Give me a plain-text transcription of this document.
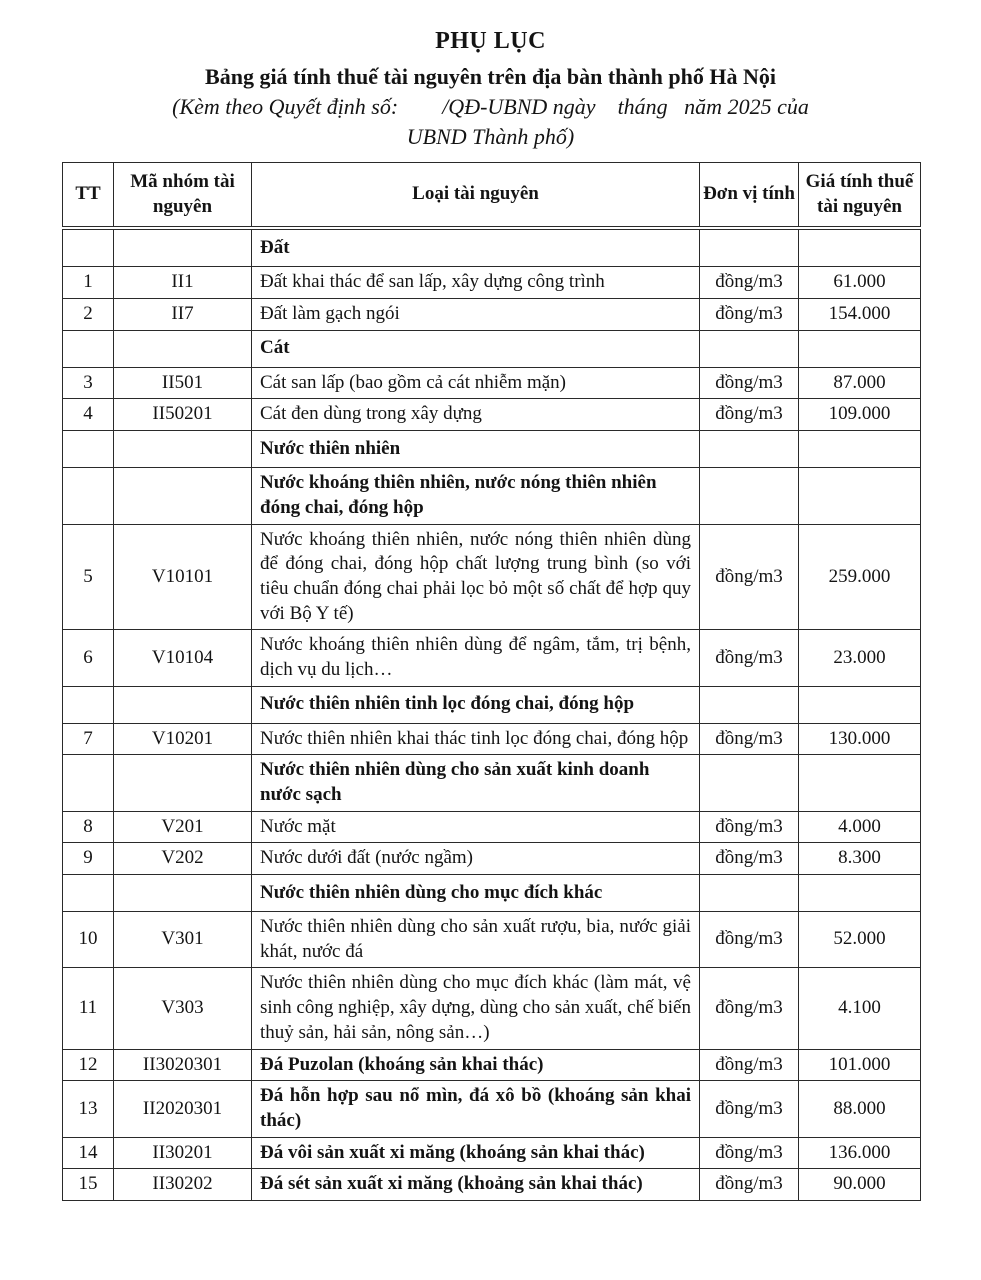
PHỤ LỤC
Bảng giá tính thuế tài nguyên trên địa bàn thành phố Hà Nội
(Kèm theo Quyết định số:        /QĐ-UBND ngày    tháng   năm 2025 của
UBND Thành phố)
TT	Mã nhóm tài nguyên	Loại tài nguyên	Đơn vị tính	Giá tính thuế tài nguyên
		Đất		
1	II1	Đất khai thác để san lấp, xây dựng công trình	đồng/m3	61.000
2	II7	Đất làm gạch ngói	đồng/m3	154.000
		Cát		
3	II501	Cát san lấp (bao gồm cả cát nhiễm mặn)	đồng/m3	87.000
4	II50201	Cát đen dùng trong xây dựng	đồng/m3	109.000
		Nước thiên nhiên		
		Nước khoáng thiên nhiên, nước nóng thiên nhiên đóng chai, đóng hộp		
5	V10101	Nước khoáng thiên nhiên, nước nóng thiên nhiên dùng để đóng chai, đóng hộp chất lượng trung bình (so với tiêu chuẩn đóng chai phải lọc bỏ một số chất để hợp quy với Bộ Y tế)	đồng/m3	259.000
6	V10104	Nước khoáng thiên nhiên dùng để ngâm, tắm, trị bệnh, dịch vụ du lịch…	đồng/m3	23.000
		Nước thiên nhiên tinh lọc đóng chai, đóng hộp		
7	V10201	Nước thiên nhiên khai thác tinh lọc đóng chai, đóng hộp	đồng/m3	130.000
		Nước thiên nhiên dùng cho sản xuất kinh doanh nước sạch		
8	V201	Nước mặt	đồng/m3	4.000
9	V202	Nước dưới đất (nước ngầm)	đồng/m3	8.300
		Nước thiên nhiên dùng cho mục đích khác		
10	V301	Nước thiên nhiên dùng cho sản xuất rượu, bia, nước giải khát, nước đá	đồng/m3	52.000
11	V303	Nước thiên nhiên dùng cho mục đích khác (làm mát, vệ sinh công nghiệp, xây dựng, dùng cho sản xuất, chế biến thuỷ sản, hải sản, nông sản…)	đồng/m3	4.100
12	II3020301	Đá Puzolan (khoáng sản khai thác)	đồng/m3	101.000
13	II2020301	Đá hỗn hợp sau nổ mìn, đá xô bồ (khoáng sản khai thác)	đồng/m3	88.000
14	II30201	Đá vôi sản xuất xi măng (khoáng sản khai thác)	đồng/m3	136.000
15	II30202	Đá sét sản xuất xi măng (khoảng sản khai thác)	đồng/m3	90.000
